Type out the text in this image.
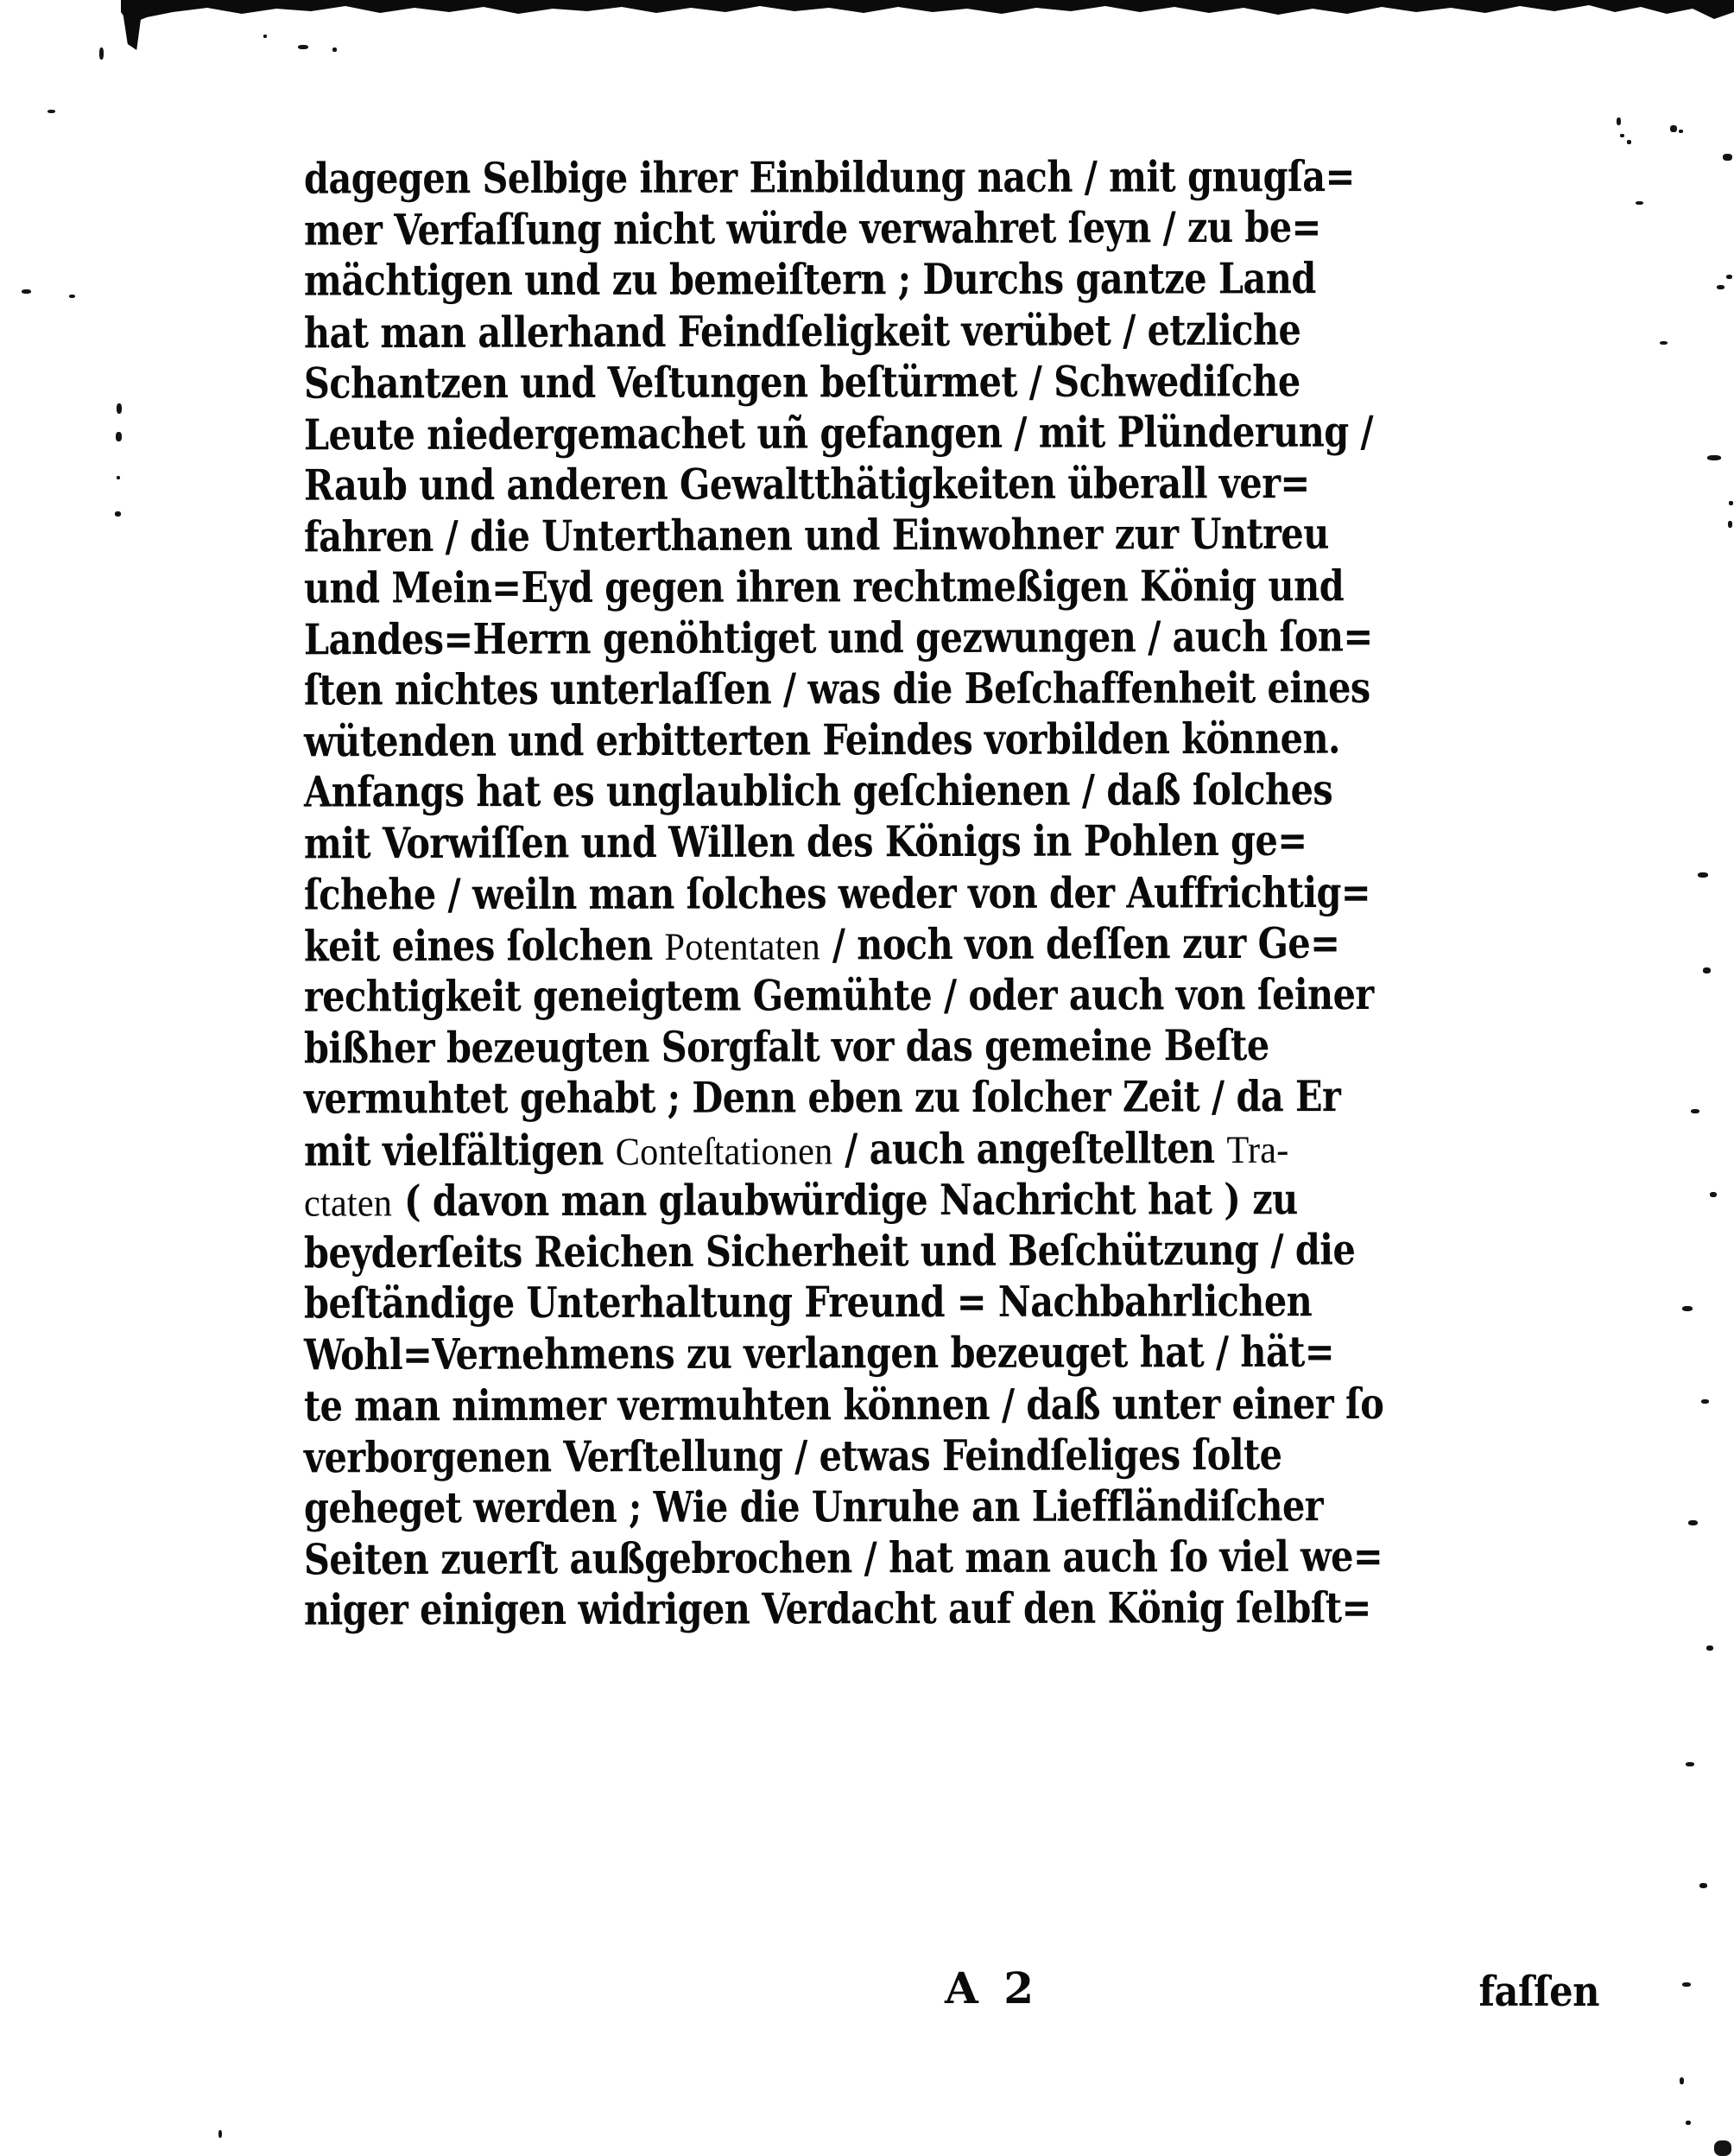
dagegen Selbige ihrer Einbildung nach / mit gnugſa=
mer Verfaſſung nicht würde verwahret ſeyn / zu be=
mächtigen und zu bemeiſtern ; Durchs gantze Land
hat man allerhand Feindſeligkeit verübet / etzliche
Schantzen und Veſtungen beſtürmet / Schwediſche
Leute niedergemachet uñ gefangen / mit Plünderung /
Raub und anderen Gewaltthätigkeiten überall ver=
fahren / die Unterthanen und Einwohner zur Untreu
und Mein=Eyd gegen ihren rechtmeßigen König und
Landes=Herrn genöhtiget und gezwungen / auch ſon=
ſten nichtes unterlaſſen / was die Beſchaffenheit eines
wütenden und erbitterten Feindes vorbilden können.
Anfangs hat es unglaublich geſchienen / daß ſolches
mit Vorwiſſen und Willen des Königs in Pohlen ge=
ſchehe / weiln man ſolches weder von der Auffrichtig=
keit eines ſolchen Potentaten / noch von deſſen zur Ge=
rechtigkeit geneigtem Gemühte / oder auch von ſeiner
bißher bezeugten Sorgfalt vor das gemeine Beſte
vermuhtet gehabt ; Denn eben zu ſolcher Zeit / da Er
mit vielfältigen Conteſtationen / auch angeſtellten Tra-
ctaten ( davon man glaubwürdige Nachricht hat ) zu
beyderſeits Reichen Sicherheit und Beſchützung / die
beſtändige Unterhaltung Freund = Nachbahrlichen
Wohl=Vernehmens zu verlangen bezeuget hat / hät=
te man nimmer vermuhten können / daß unter einer ſo
verborgenen Verſtellung / etwas Feindſeliges ſolte
geheget werden ; Wie die Unruhe an Lieffländiſcher
Seiten zuerſt außgebrochen / hat man auch ſo viel we=
niger einigen widrigen Verdacht auf den König ſelbſt=
A 2	faſſen
